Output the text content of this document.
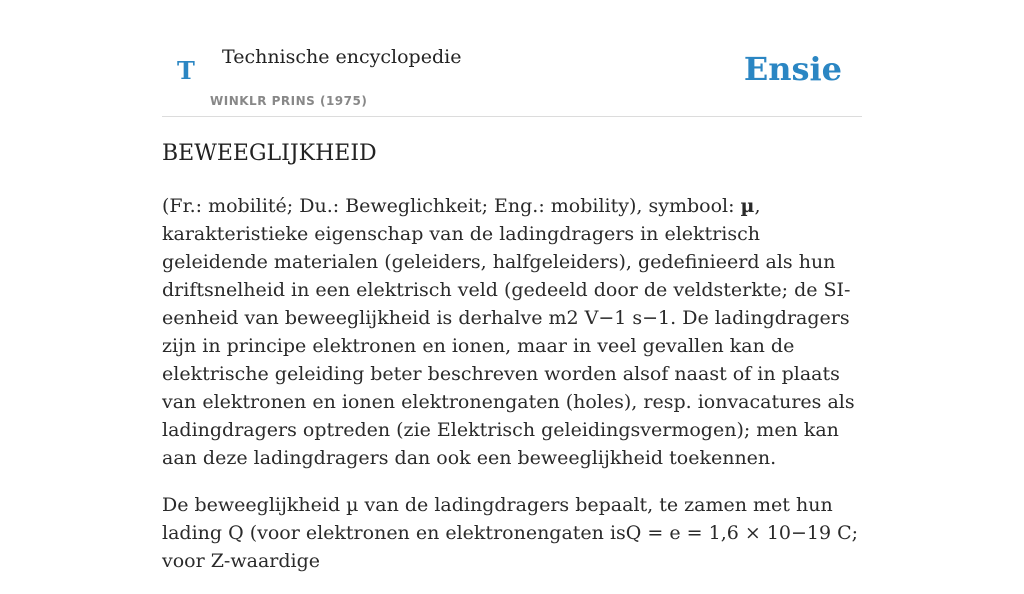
T Technische encyclopedie
WINKLR PRINS (1975)
Ensie
BEWEEGLIJKHEID

(Fr.: mobilité; Du.: Beweglichkeit; Eng.: mobility), symbool: µ, karakteristieke eigenschap van de ladingdragers in elektrisch geleidende materialen (geleiders, halfgeleiders), gedefinieerd als hun driftsnelheid in een elektrisch veld (gedeeld door de veldsterkte; de SI-eenheid van beweeglijkheid is derhalve m2 V−1 s−1. De ladingdragers zijn in principe elektronen en ionen, maar in veel gevallen kan de elektrische geleiding beter beschreven worden alsof naast of in plaats van elektronen en ionen elektronengaten (holes), resp. ionvacatures als ladingdragers optreden (zie Elektrisch geleidingsvermogen); men kan aan deze ladingdragers dan ook een beweeglijkheid toekennen.

De beweeglijkheid µ van de ladingdragers bepaalt, te zamen met hun lading Q (voor elektronen en elektronengaten isQ = e = 1,6 × 10−19 C; voor Z-waardige
